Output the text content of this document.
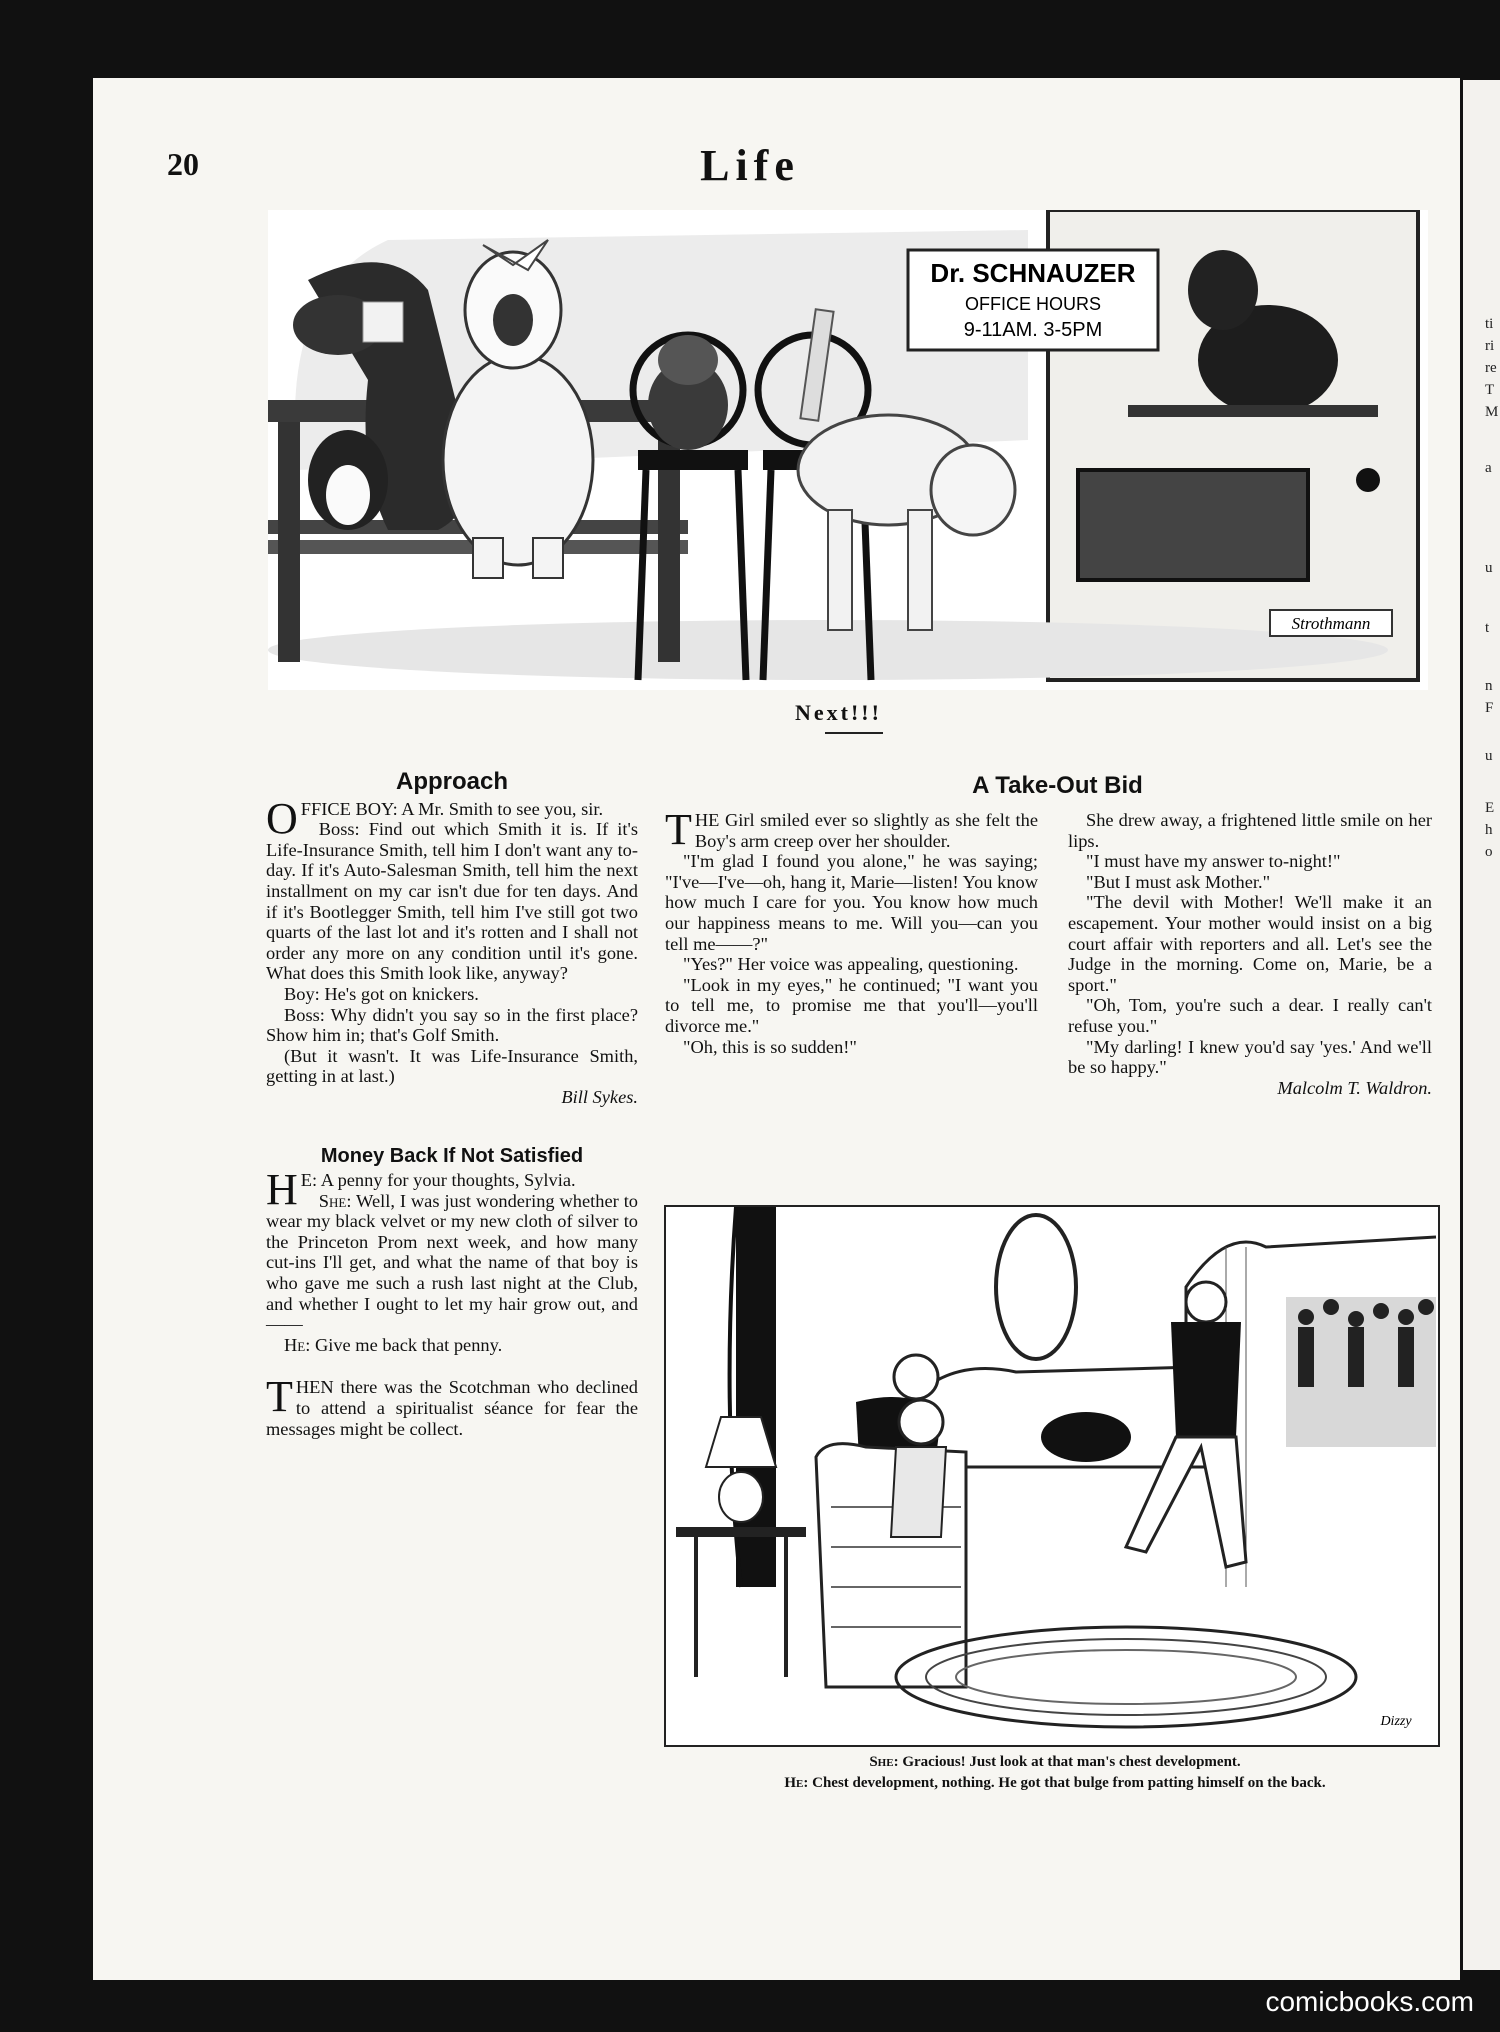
ti
ri
re
T
M
a
u
t
n
F
u
E
h
o
20	Life
Dr. SCHNAUZER
OFFICE HOURS
9-11AM. 3-5PM
Strothmann
Next!!!
Approach

OFFICE BOY: A Mr. Smith to see you, sir.

Boss: Find out which Smith it is. If it's Life-Insurance Smith, tell him I don't want any to-day. If it's Auto-Salesman Smith, tell him the next installment on my car isn't due for ten days. And if it's Bootlegger Smith, tell him I've still got two quarts of the last lot and it's rotten and I shall not order any more on any condition until it's gone. What does this Smith look like, anyway?

Boy: He's got on knickers.

Boss: Why didn't you say so in the first place? Show him in; that's Golf Smith.

(But it wasn't. It was Life-Insurance Smith, getting in at last.)

Bill Sykes.

Money Back If Not Satisfied

H E: A penny for your thoughts, Sylvia.

She: Well, I was just wondering whether to wear my black velvet or my new cloth of silver to the Princeton Prom next week, and how many cut-ins I'll get, and what the name of that boy is who gave me such a rush last night at the Club, and whether I ought to let my hair grow out, and——

He: Give me back that penny.

THEN there was the Scotchman who declined to attend a spiritualist séance for fear the messages might be collect.

A Take-Out Bid

THE Girl smiled ever so slightly as she felt the Boy's arm creep over her shoulder.

"I'm glad I found you alone," he was saying; "I've—I've—oh, hang it, Marie—listen! You know how much I care for you. You know how much our happiness means to me. Will you—can you tell me——?"

"Yes?" Her voice was appealing, questioning.

"Look in my eyes," he continued; "I want you to tell me, to promise me that you'll—you'll divorce me."

"Oh, this is so sudden!"

She drew away, a frightened little smile on her lips.

"I must have my answer to-night!"

"But I must ask Mother."

"The devil with Mother! We'll make it an escapement. Your mother would insist on a big court affair with reporters and all. Let's see the Judge in the morning. Come on, Marie, be a sport."

"Oh, Tom, you're such a dear. I really can't refuse you."

"My darling! I knew you'd say 'yes.' And we'll be so happy."

Malcolm T. Waldron.

Dizzy
She: Gracious! Just look at that man's chest development.
He: Chest development, nothing. He got that bulge from patting himself on the back.
comicbooks.com
